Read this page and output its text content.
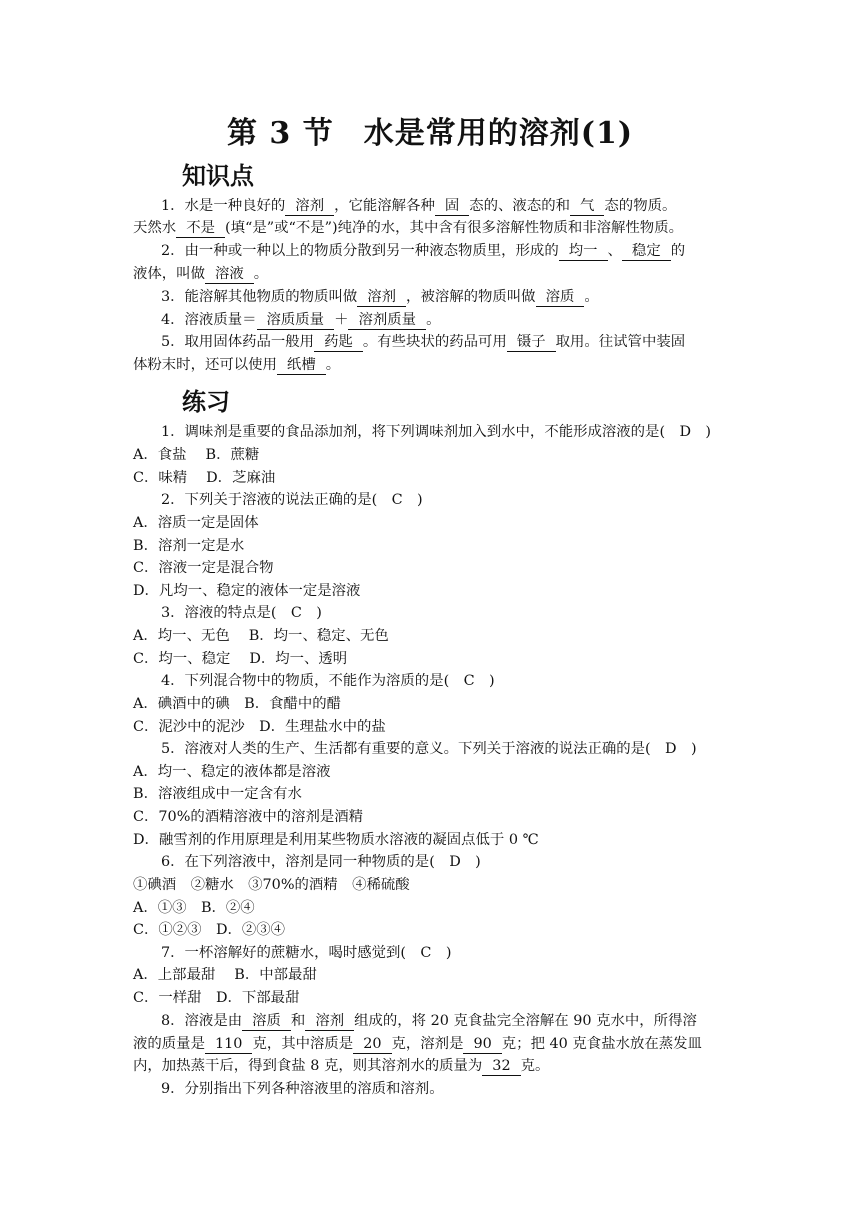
第 3 节 水是常用的溶剂(1)
知识点
1．水是一种良好的 溶剂 ，它能溶解各种 固 态的、液态的和 气 态的物质。
天然水 不是 (填“是”或“不是”)纯净的水，其中含有很多溶解性物质和非溶解性物质。
2．由一种或一种以上的物质分散到另一种液态物质里，形成的 均一 、 稳定 的
液体，叫做 溶液 。
3．能溶解其他物质的物质叫做 溶剂 ，被溶解的物质叫做 溶质 。
4．溶液质量＝ 溶质质量 ＋ 溶剂质量 。
5．取用固体药品一般用 药匙 。有些块状的药品可用 镊子 取用。往试管中装固
体粉末时，还可以使用 纸槽 。
练习
1．调味剂是重要的食品添加剂，将下列调味剂加入到水中，不能形成溶液的是(　D　)
A．食盐　 B．蔗糖
C．味精　 D．芝麻油
2．下列关于溶液的说法正确的是(　C　)
A．溶质一定是固体
B．溶剂一定是水
C．溶液一定是混合物
D．凡均一、稳定的液体一定是溶液
3．溶液的特点是(　C　)
A．均一、无色　 B．均一、稳定、无色
C．均一、稳定　 D．均一、透明
4．下列混合物中的物质，不能作为溶质的是(　C　)
A．碘酒中的碘　B．食醋中的醋
C．泥沙中的泥沙　D．生理盐水中的盐
5．溶液对人类的生产、生活都有重要的意义。下列关于溶液的说法正确的是(　D　)
A．均一、稳定的液体都是溶液
B．溶液组成中一定含有水
C．70%的酒精溶液中的溶剂是酒精
D．融雪剂的作用原理是利用某些物质水溶液的凝固点低于 0 ℃
6．在下列溶液中，溶剂是同一种物质的是(　D　)
①碘酒　②糖水　③70%的酒精　④稀硫酸
A．①③　B．②④
C．①②③　D．②③④
7．一杯溶解好的蔗糖水，喝时感觉到(　C　)
A．上部最甜　 B．中部最甜
C．一样甜　D．下部最甜
8．溶液是由 溶质 和 溶剂 组成的，将 20 克食盐完全溶解在 90 克水中，所得溶
液的质量是 110 克，其中溶质是 20 克，溶剂是 90 克；把 40 克食盐水放在蒸发皿
内，加热蒸干后，得到食盐 8 克，则其溶剂水的质量为 32 克。
9．分别指出下列各种溶液里的溶质和溶剂。
